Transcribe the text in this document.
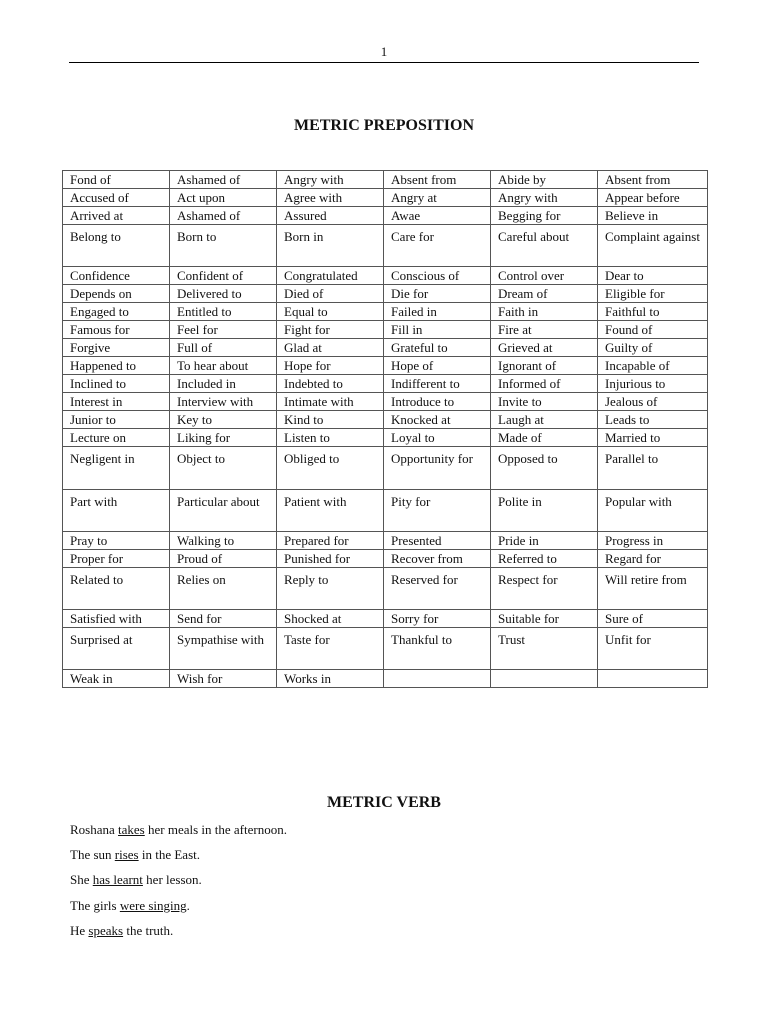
1
METRIC PREPOSITION
Fond of	Ashamed of	Angry with	Absent from	Abide by	Absent from
Accused of	Act upon	Agree with	Angry at	Angry with	Appear before
Arrived at	Ashamed of	Assured	Awae	Begging for	Believe in
Belong to	Born to	Born in	Care for	Careful about	Complaint against
Confidence	Confident of	Congratulated	Conscious of	Control over	Dear to
Depends on	Delivered to	Died of	Die for	Dream of	Eligible for
Engaged to	Entitled to	Equal to	Failed in	Faith in	Faithful to
Famous for	Feel for	Fight for	Fill in	Fire at	Found of
Forgive	Full of	Glad at	Grateful to	Grieved at	Guilty of
Happened to	To hear about	Hope for	Hope of	Ignorant of	Incapable of
Inclined to	Included in	Indebted to	Indifferent to	Informed of	Injurious to
Interest in	Interview with	Intimate with	Introduce to	Invite to	Jealous of
Junior to	Key to	Kind to	Knocked at	Laugh at	Leads to
Lecture on	Liking for	Listen to	Loyal to	Made of	Married to
Negligent in	Object to	Obliged to	Opportunity for	Opposed to	Parallel to
Part with	Particular about	Patient with	Pity for	Polite in	Popular with
Pray to	Walking to	Prepared for	Presented	Pride in	Progress in
Proper for	Proud of	Punished for	Recover from	Referred to	Regard for
Related to	Relies on	Reply to	Reserved for	Respect for	Will retire from
Satisfied with	Send for	Shocked at	Sorry for	Suitable for	Sure of
Surprised at	Sympathise with	Taste for	Thankful to	Trust	Unfit for
Weak in	Wish for	Works in			
METRIC VERB
Roshana takes her meals in the afternoon.
The sun rises in the East.
She has learnt her lesson.
The girls were singing.
He speaks the truth.
